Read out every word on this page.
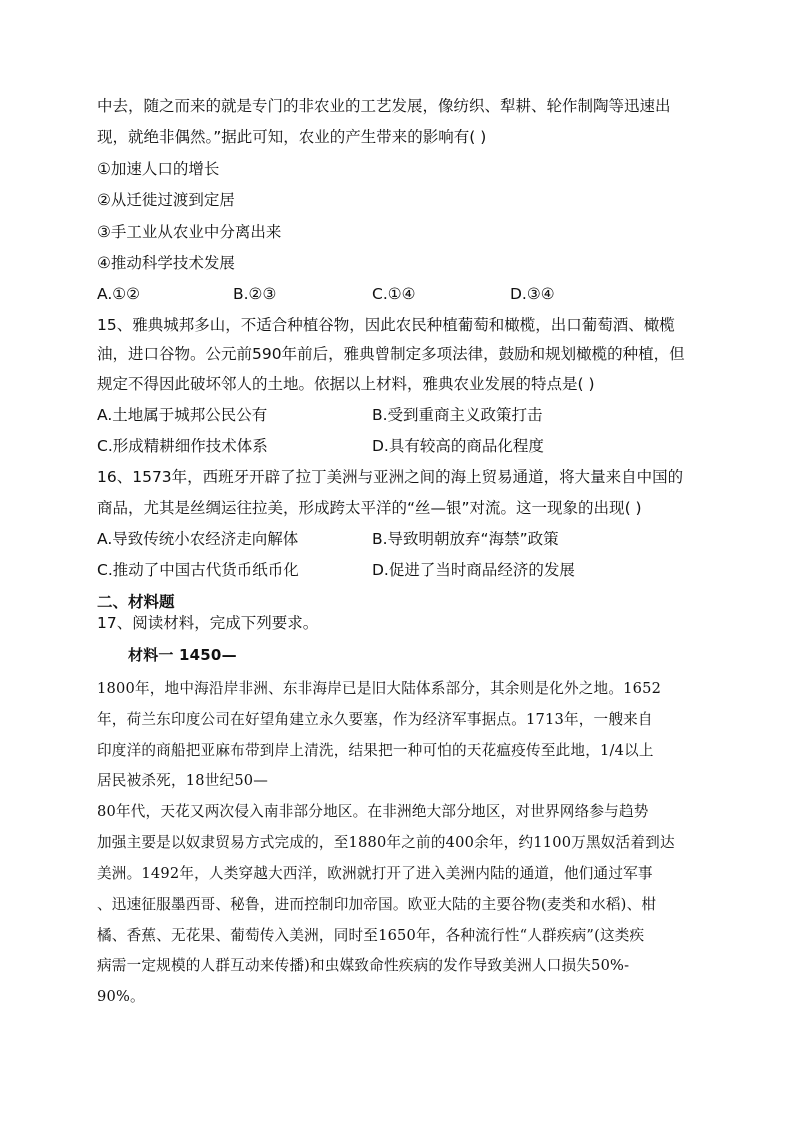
中去，随之而来的就是专门的非农业的工艺发展，像纺织、犁耕、轮作制陶等迅速出
现，就绝非偶然。”据此可知，农业的产生带来的影响有( )
①加速人口的增长
②从迁徙过渡到定居
③手工业从农业中分离出来
④推动科学技术发展
A.①②	B.②③	C.①④	D.③④
15、雅典城邦多山，不适合种植谷物，因此农民种植葡萄和橄榄，出口葡萄酒、橄榄
油，进口谷物。公元前590年前后，雅典曾制定多项法律，鼓励和规划橄榄的种植，但
规定不得因此破坏邻人的土地。依据以上材料，雅典农业发展的特点是( )
A.土地属于城邦公民公有	B.受到重商主义政策打击
C.形成精耕细作技术体系	D.具有较高的商品化程度
16、1573年，西班牙开辟了拉丁美洲与亚洲之间的海上贸易通道，将大量来自中国的
商品，尤其是丝绸运往拉美，形成跨太平洋的“丝—银”对流。这一现象的出现( )
A.导致传统小农经济走向解体	B.导致明朝放弃“海禁”政策
C.推动了中国古代货币纸币化	D.促进了当时商品经济的发展
二、材料题
17、阅读材料，完成下列要求。
材料一 1450—
1800年，地中海沿岸非洲、东非海岸已是旧大陆体系部分，其余则是化外之地。1652
年，荷兰东印度公司在好望角建立永久要塞，作为经济军事据点。1713年，一艘来自
印度洋的商船把亚麻布带到岸上清洗，结果把一种可怕的天花瘟疫传至此地，1/4以上
居民被杀死，18世纪50—
80年代，天花又两次侵入南非部分地区。在非洲绝大部分地区，对世界网络参与趋势
加强主要是以奴隶贸易方式完成的，至1880年之前的400余年，约1100万黑奴活着到达
美洲。1492年，人类穿越大西洋，欧洲就打开了进入美洲内陆的通道，他们通过军事
、迅速征服墨西哥、秘鲁，进而控制印加帝国。欧亚大陆的主要谷物(麦类和水稻)、柑
橘、香蕉、无花果、葡萄传入美洲，同时至1650年，各种流行性“人群疾病”(这类疾
病需一定规模的人群互动来传播)和虫媒致命性疾病的发作导致美洲人口损失50%-
90%。
